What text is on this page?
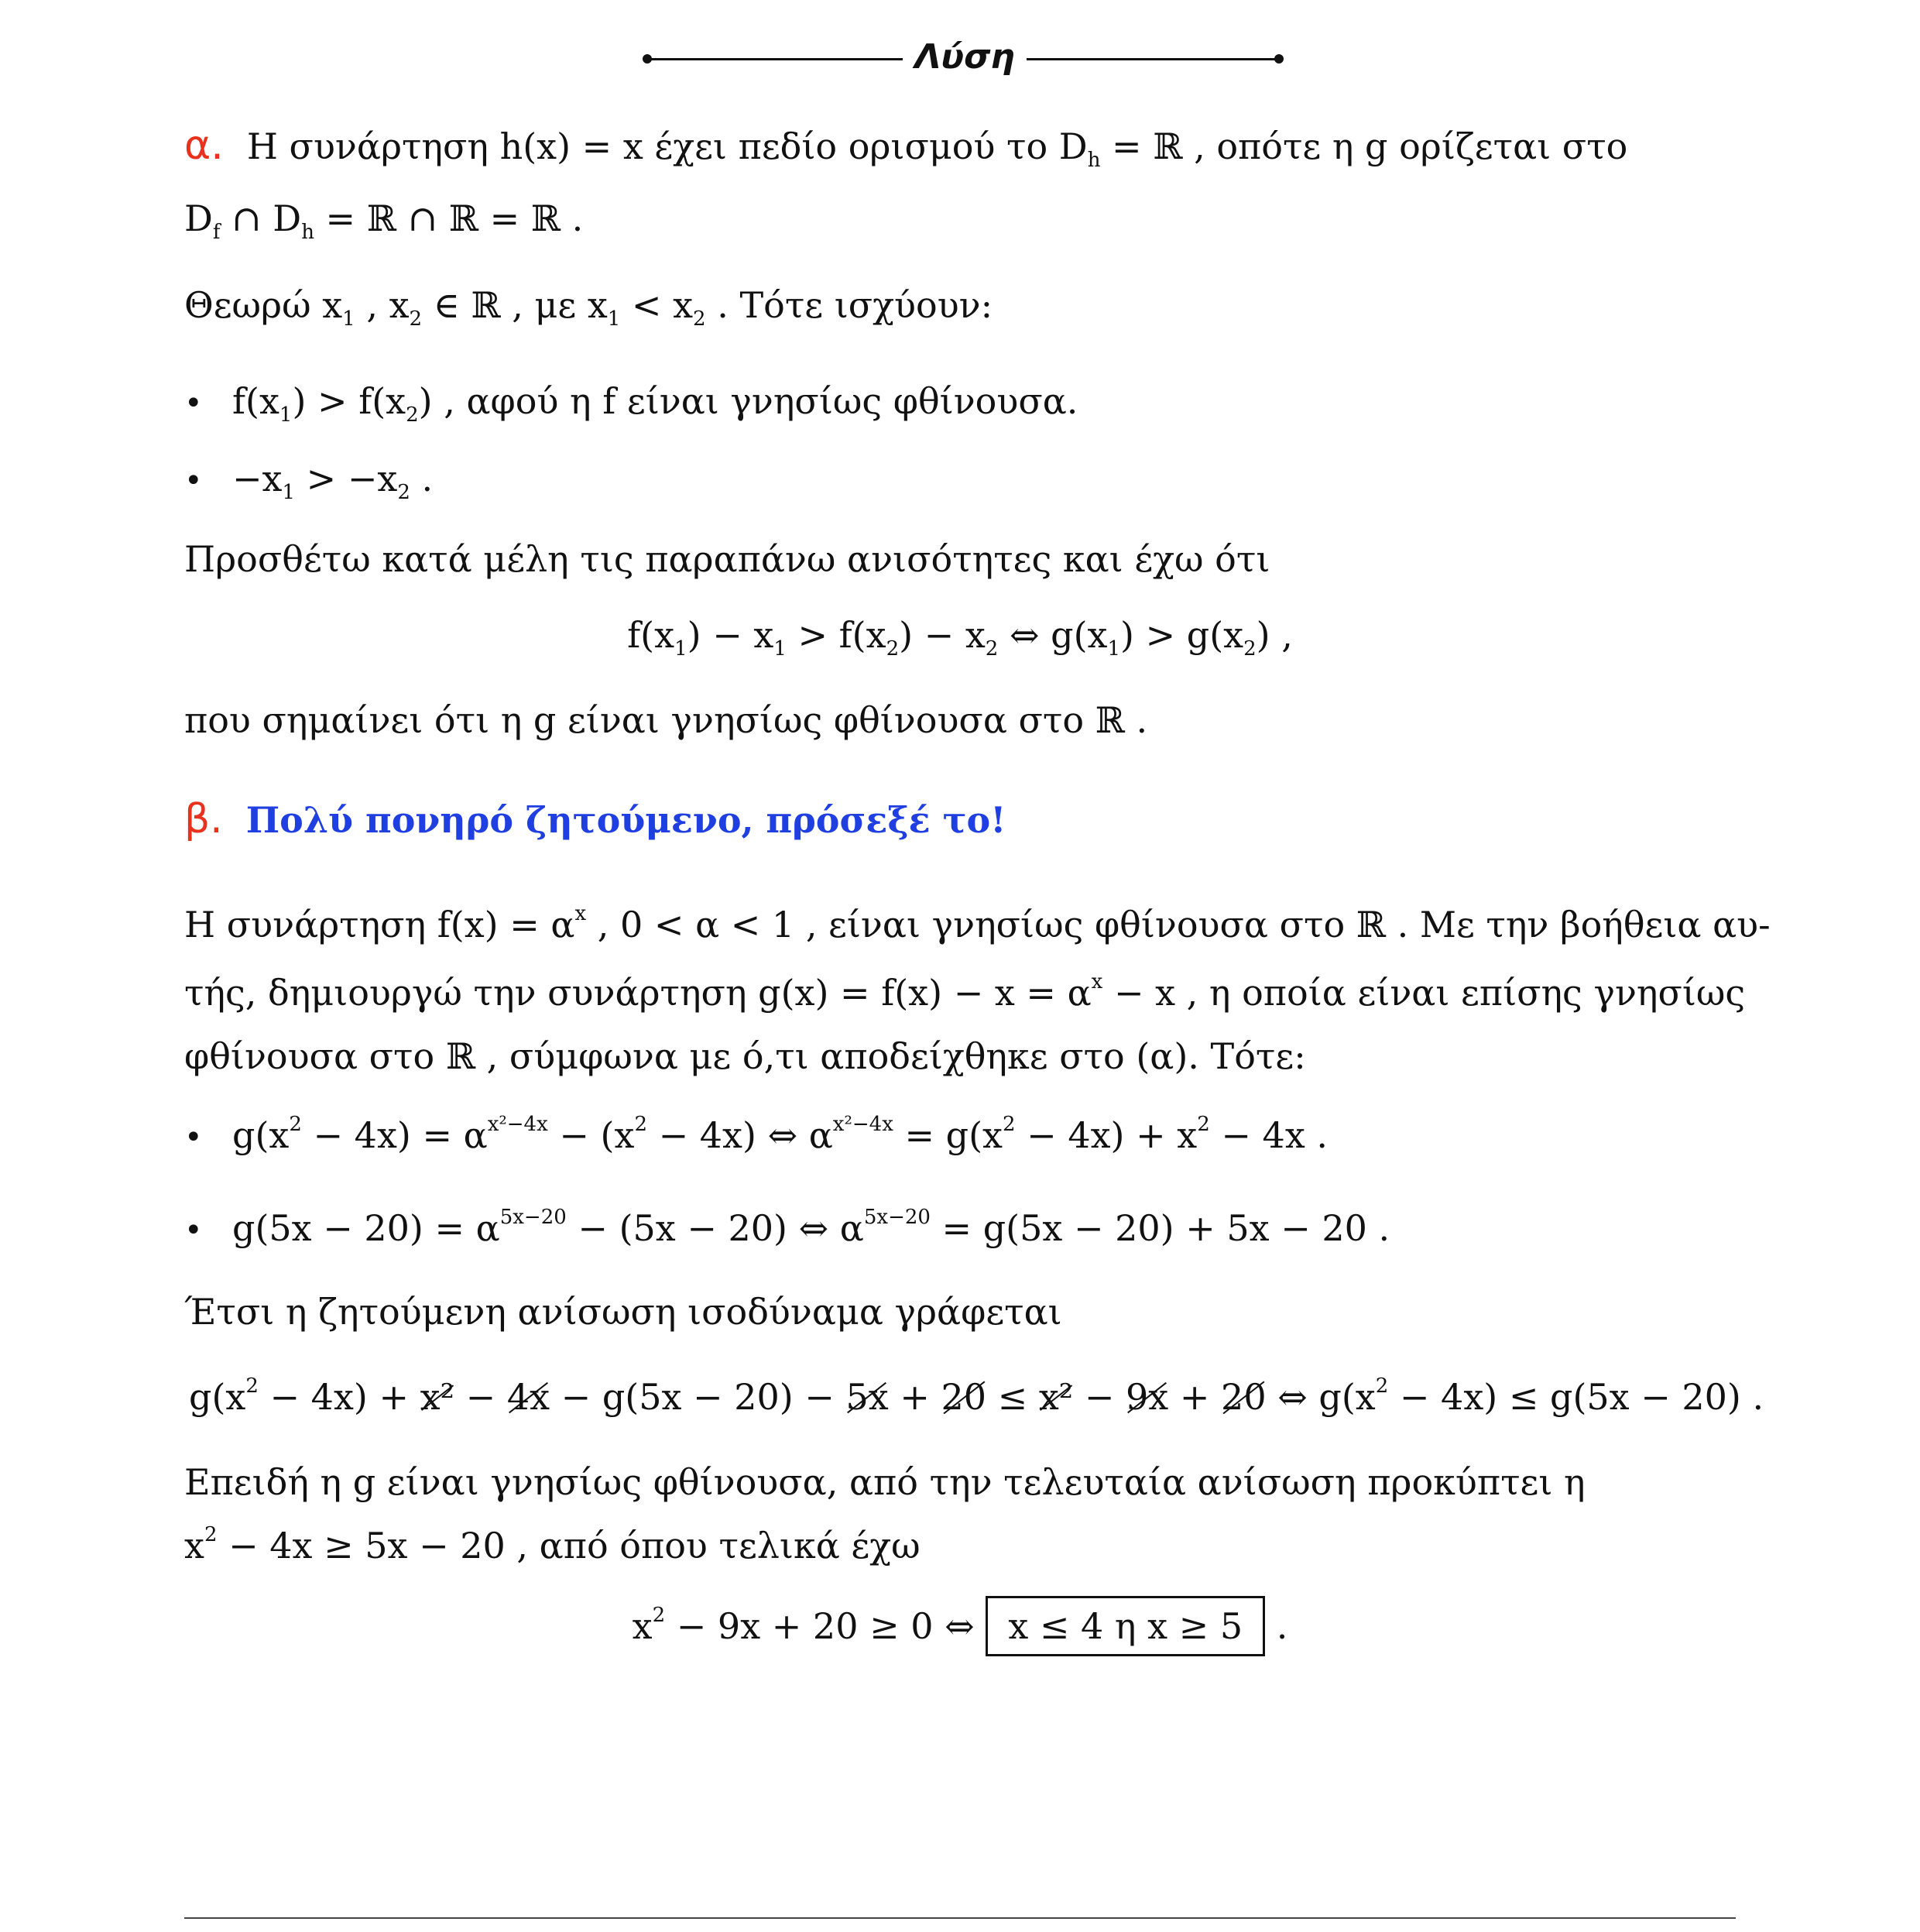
Λύση
α. Η συνάρτηση h(x) = x έχει πεδίο ορισμού το $D_h$ = ℝ , οπότε η g ορίζεται στο
$D_f$ ∩ $D_h$ = ℝ ∩ ℝ = ℝ .
Θεωρώ $x_1$ , $x_2$ ∈ ℝ , με $x_1 < x_2$ . Τότε ισχύουν:
• $f(x_1) > f(x_2)$ , αφού η f είναι γνησίως φθίνουσα.
• $-x_1 > -x_2$ .
Προσθέτω κατά μέλη τις παραπάνω ανισότητες και έχω ότι
$f(x_1) - x_1 > f(x_2) - x_2$ ⇔ $g(x_1) > g(x_2)$ ,
που σημαίνει ότι η g είναι γνησίως φθίνουσα στο ℝ .
β. Πολύ πονηρό ζητούμενο, πρόσεξέ το!
Η συνάρτηση $f(x) = \alpha^x$ , 0 < α < 1 , είναι γνησίως φθίνουσα στο ℝ . Με την βοήθεια αυ-
τής, δημιουργώ την συνάρτηση $g(x) = f(x) - x = \alpha^x - x$ , η οποία είναι επίσης γνησίως
φθίνουσα στο ℝ , σύμφωνα με ό,τι αποδείχθηκε στο (α). Τότε:
• $g(x^2 - 4x) = \alpha^{x^2-4x} - (x^2 - 4x)$ ⇔ $\alpha^{x^2-4x} = g(x^2 - 4x) + x^2 - 4x$ .
• $g(5x - 20) = \alpha^{5x-20} - (5x - 20)$ ⇔ $\alpha^{5x-20} = g(5x - 20) + 5x - 20$ .
Έτσι η ζητούμενη ανίσωση ισοδύναμα γράφεται
$g(x^2 - 4x) + x^2 - 4x - g(5x - 20) - 5x + 20 \le x^2 - 9x + 20$ ⇔ $g(x^2 - 4x) \le g(5x - 20)$ .
Επειδή η g είναι γνησίως φθίνουσα, από την τελευταία ανίσωση προκύπτει η
$x^2 - 4x \ge 5x - 20$ , από όπου τελικά έχω
$x^2 - 9x + 20 \ge 0$ ⇔ x ≤ 4 η x ≥ 5 .
